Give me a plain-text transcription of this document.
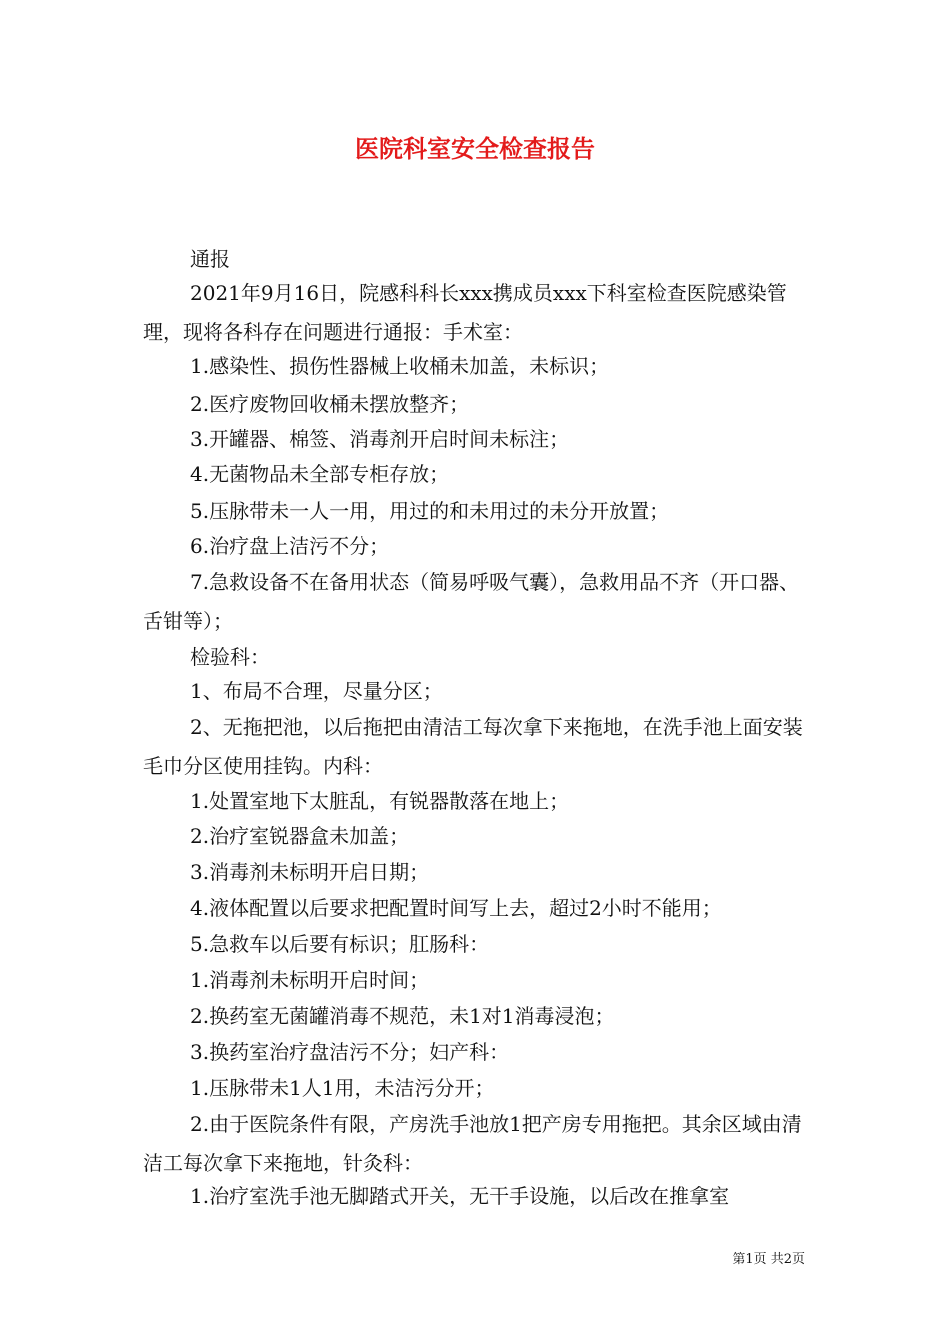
医院科室安全检查报告

通报

2021年9月16日，院感科科长xxx携成员xxx下科室检查医院感染管理，现将各科存在问题进行通报：手术室：

1.感染性、损伤性器械上收桶未加盖，未标识；

2.医疗废物回收桶未摆放整齐；

3.开罐器、棉签、消毒剂开启时间未标注；

4.无菌物品未全部专柜存放；

5.压脉带未一人一用，用过的和未用过的未分开放置；

6.治疗盘上洁污不分；

7.急救设备不在备用状态（简易呼吸气囊），急救用品不齐（开口器、舌钳等）；

检验科：

1、布局不合理，尽量分区；

2、无拖把池，以后拖把由清洁工每次拿下来拖地，在洗手池上面安装毛巾分区使用挂钩。内科：

1.处置室地下太脏乱，有锐器散落在地上；

2.治疗室锐器盒未加盖；

3.消毒剂未标明开启日期；

4.液体配置以后要求把配置时间写上去，超过2小时不能用；

5.急救车以后要有标识；肛肠科：

1.消毒剂未标明开启时间；

2.换药室无菌罐消毒不规范，未1对1消毒浸泡；

3.换药室治疗盘洁污不分；妇产科：

1.压脉带未1人1用，未洁污分开；

2.由于医院条件有限，产房洗手池放1把产房专用拖把。其余区域由清洁工每次拿下来拖地，针灸科：

1.治疗室洗手池无脚踏式开关，无干手设施，以后改在推拿室

第1页 共2页
